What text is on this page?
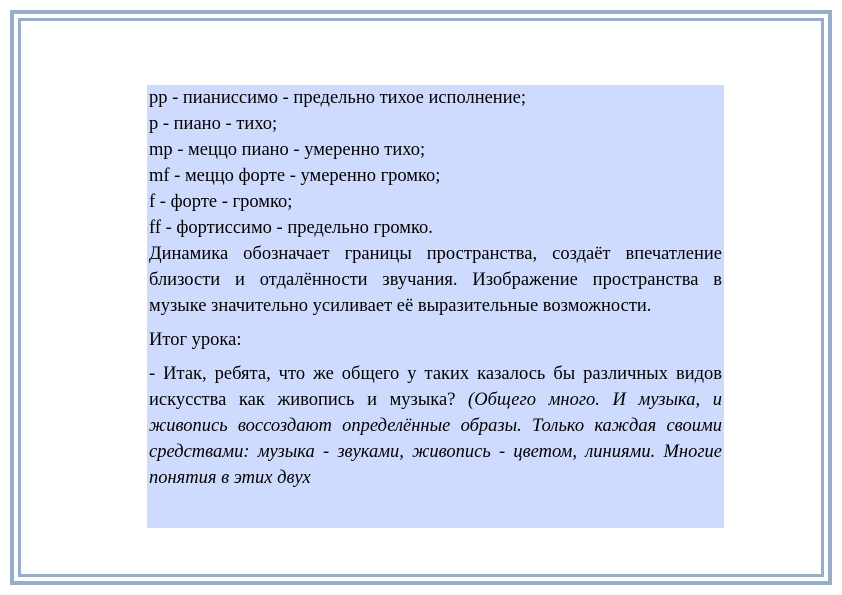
pp - пианиссимо - предельно тихое исполнение;

p - пиано - тихо;

mp - меццо пиано - умеренно тихо;

mf - меццо форте - умеренно громко;

f - форте - громко;

ff - фортиссимо - предельно громко.

Динамика обозначает границы пространства, создаёт впечатление близости и отдалённости звучания. Изображение пространства в музыке значительно усиливает её выразительные возможности.

Итог урока:

- Итак, ребята, что же общего у таких казалось бы различных видов искусства как живопись и музыка? (Общего много. И музыка, и живопись воссоздают определённые образы. Только каждая своими средствами: музыка - звуками, живопись - цветом, линиями. Многие понятия в этих двух
